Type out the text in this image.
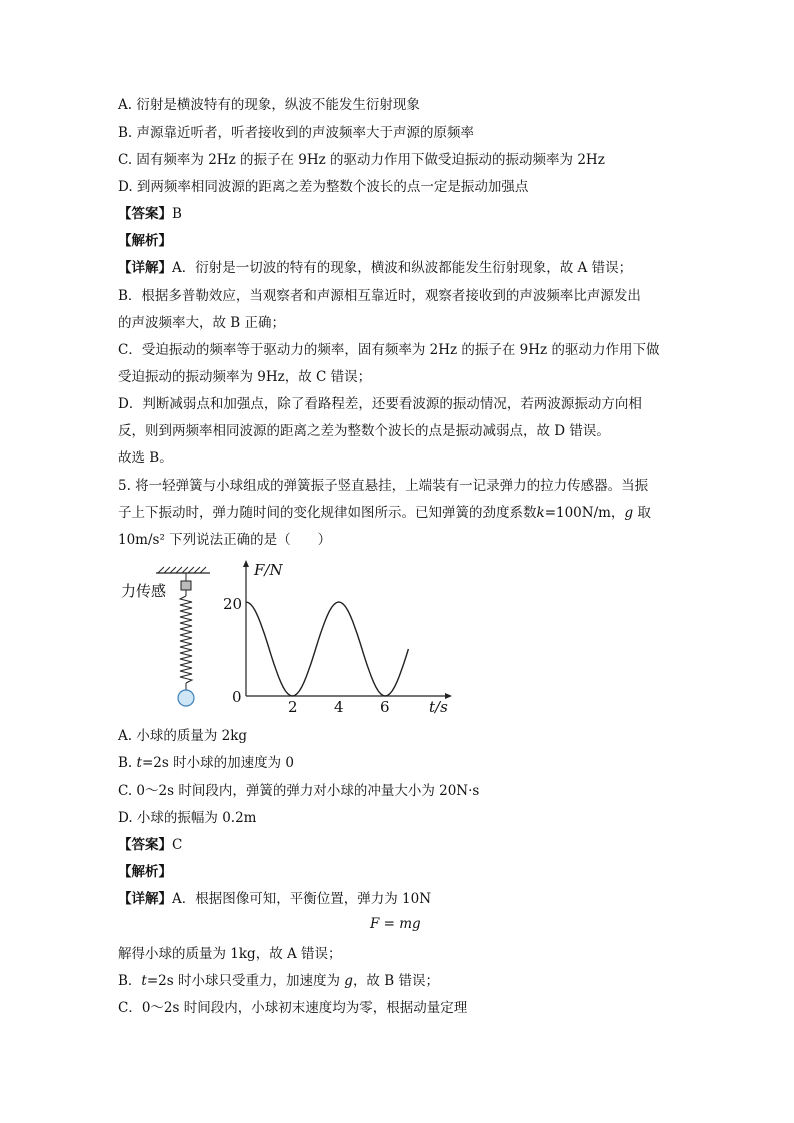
A. 衍射是横波特有的现象，纵波不能发生衍射现象
B. 声源靠近听者，听者接收到的声波频率大于声源的原频率
C. 固有频率为 2Hz 的振子在 9Hz 的驱动力作用下做受迫振动的振动频率为 2Hz
D. 到两频率相同波源的距离之差为整数个波长的点一定是振动加强点
【答案】B
【解析】
【详解】A．衍射是一切波的特有的现象，横波和纵波都能发生衍射现象，故 A 错误；
B．根据多普勒效应，当观察者和声源相互靠近时，观察者接收到的声波频率比声源发出
的声波频率大，故 B 正确；
C．受迫振动的频率等于驱动力的频率，固有频率为 2Hz 的振子在 9Hz 的驱动力作用下做
受迫振动的振动频率为 9Hz，故 C 错误；
D．判断减弱点和加强点，除了看路程差，还要看波源的振动情况，若两波源振动方向相
反，则到两频率相同波源的距离之差为整数个波长的点是振动减弱点，故 D 错误。
故选 B。
5. 将一轻弹簧与小球组成的弹簧振子竖直悬挂，上端装有一记录弹力的拉力传感器。当振
子上下振动时，弹力随时间的变化规律如图所示。已知弹簧的劲度系数k=100N/m，g 取
10m/s² 下列说法正确的是（　　）
力传感
F/N
t/s
20
0
2 4 6
A. 小球的质量为 2kg
B. t=2s 时小球的加速度为 0
C. 0～2s 时间段内，弹簧的弹力对小球的冲量大小为 20N·s
D. 小球的振幅为 0.2m
【答案】C
【解析】
【详解】A．根据图像可知，平衡位置，弹力为 10N
F = mg
解得小球的质量为 1kg，故 A 错误；
B．t=2s 时小球只受重力，加速度为 g，故 B 错误；
C．0～2s 时间段内，小球初末速度均为零，根据动量定理
